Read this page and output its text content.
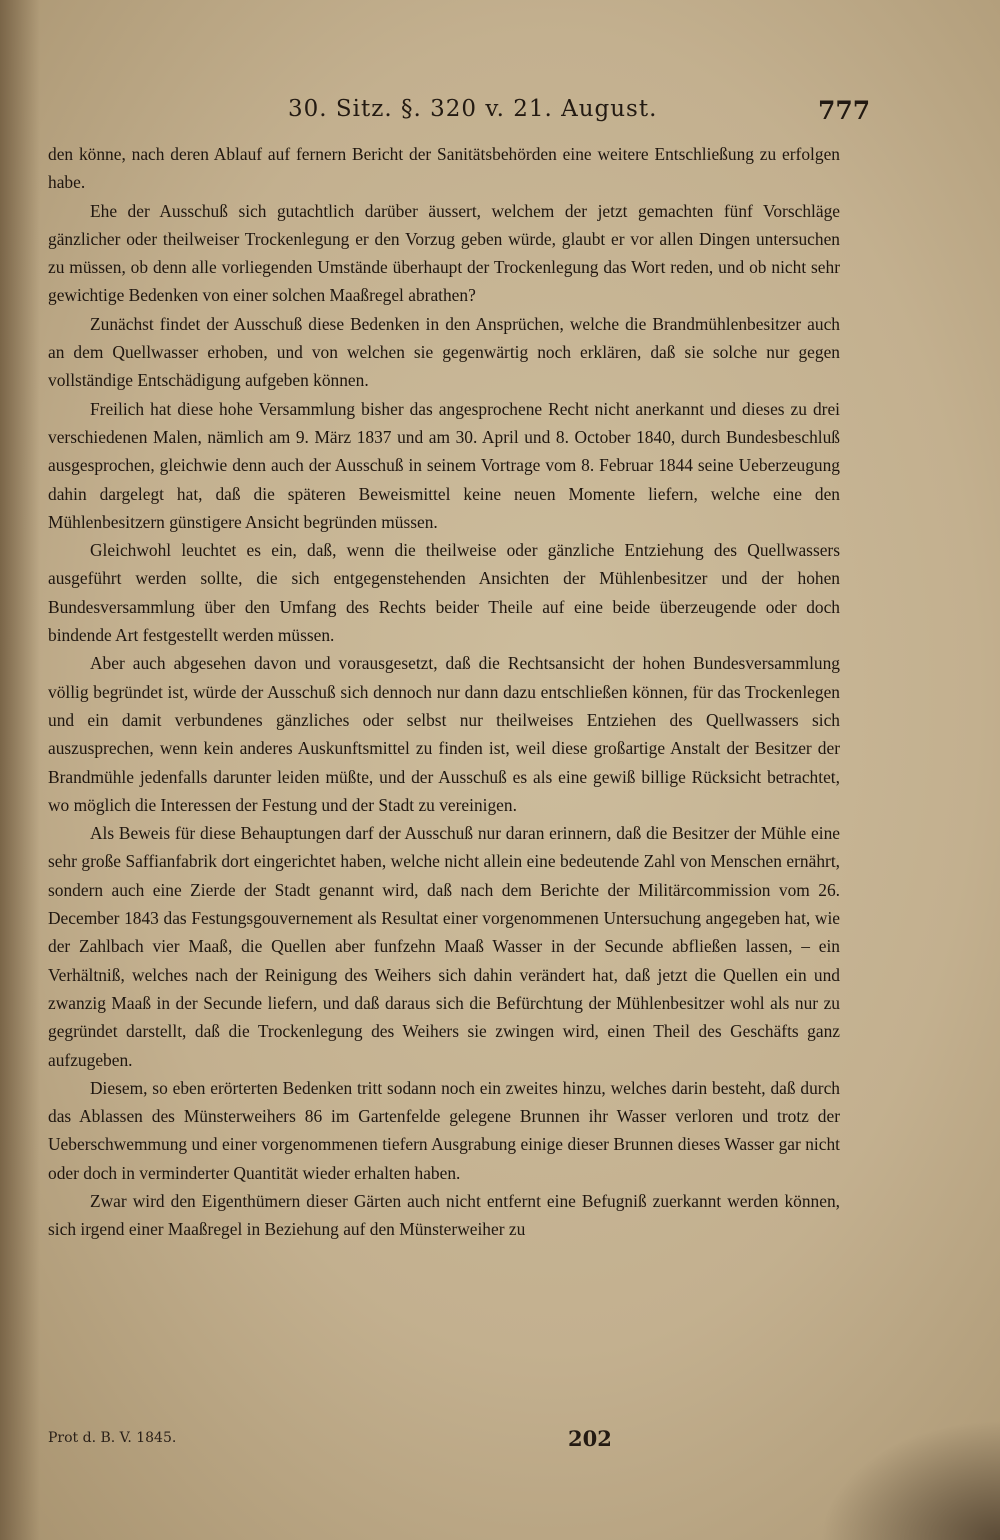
30. Sitz. §. 320 v. 21. August.	777

den könne, nach deren Ablauf auf fernern Bericht der Sanitätsbehörden eine weitere Entschließung zu erfolgen habe.

Ehe der Ausschuß sich gutachtlich darüber äussert, welchem der jetzt gemachten fünf Vorschläge gänzlicher oder theilweiser Trockenlegung er den Vorzug geben würde, glaubt er vor allen Dingen untersuchen zu müssen, ob denn alle vorliegenden Umstände überhaupt der Trockenlegung das Wort reden, und ob nicht sehr gewichtige Bedenken von einer solchen Maaßregel abrathen?

Zunächst findet der Ausschuß diese Bedenken in den Ansprüchen, welche die Brandmühlenbesitzer auch an dem Quellwasser erhoben, und von welchen sie gegenwärtig noch erklären, daß sie solche nur gegen vollständige Entschädigung aufgeben können.

Freilich hat diese hohe Versammlung bisher das angesprochene Recht nicht anerkannt und dieses zu drei verschiedenen Malen, nämlich am 9. März 1837 und am 30. April und 8. October 1840, durch Bundesbeschluß ausgesprochen, gleichwie denn auch der Ausschuß in seinem Vortrage vom 8. Februar 1844 seine Ueberzeugung dahin dargelegt hat, daß die späteren Beweismittel keine neuen Momente liefern, welche eine den Mühlenbesitzern günstigere Ansicht begründen müssen.

Gleichwohl leuchtet es ein, daß, wenn die theilweise oder gänzliche Entziehung des Quellwassers ausgeführt werden sollte, die sich entgegenstehenden Ansichten der Mühlenbesitzer und der hohen Bundesversammlung über den Umfang des Rechts beider Theile auf eine beide überzeugende oder doch bindende Art festgestellt werden müssen.

Aber auch abgesehen davon und vorausgesetzt, daß die Rechtsansicht der hohen Bundesversammlung völlig begründet ist, würde der Ausschuß sich dennoch nur dann dazu entschließen können, für das Trockenlegen und ein damit verbundenes gänzliches oder selbst nur theilweises Entziehen des Quellwassers sich auszusprechen, wenn kein anderes Auskunftsmittel zu finden ist, weil diese großartige Anstalt der Besitzer der Brandmühle jedenfalls darunter leiden müßte, und der Ausschuß es als eine gewiß billige Rücksicht betrachtet, wo möglich die Interessen der Festung und der Stadt zu vereinigen.

Als Beweis für diese Behauptungen darf der Ausschuß nur daran erinnern, daß die Besitzer der Mühle eine sehr große Saffianfabrik dort eingerichtet haben, welche nicht allein eine bedeutende Zahl von Menschen ernährt, sondern auch eine Zierde der Stadt genannt wird, daß nach dem Berichte der Militärcommission vom 26. December 1843 das Festungsgouvernement als Resultat einer vorgenommenen Untersuchung angegeben hat, wie der Zahlbach vier Maaß, die Quellen aber funfzehn Maaß Wasser in der Secunde abfließen lassen, – ein Verhältniß, welches nach der Reinigung des Weihers sich dahin verändert hat, daß jetzt die Quellen ein und zwanzig Maaß in der Secunde liefern, und daß daraus sich die Befürchtung der Mühlenbesitzer wohl als nur zu gegründet darstellt, daß die Trockenlegung des Weihers sie zwingen wird, einen Theil des Geschäfts ganz aufzugeben.

Diesem, so eben erörterten Bedenken tritt sodann noch ein zweites hinzu, welches darin besteht, daß durch das Ablassen des Münsterweihers 86 im Gartenfelde gelegene Brunnen ihr Wasser verloren und trotz der Ueberschwemmung und einer vorgenommenen tiefern Ausgrabung einige dieser Brunnen dieses Wasser gar nicht oder doch in verminderter Quantität wieder erhalten haben.

Zwar wird den Eigenthümern dieser Gärten auch nicht entfernt eine Befugniß zuerkannt werden können, sich irgend einer Maaßregel in Beziehung auf den Münsterweiher zu

Prot d. B. V. 1845.	202
